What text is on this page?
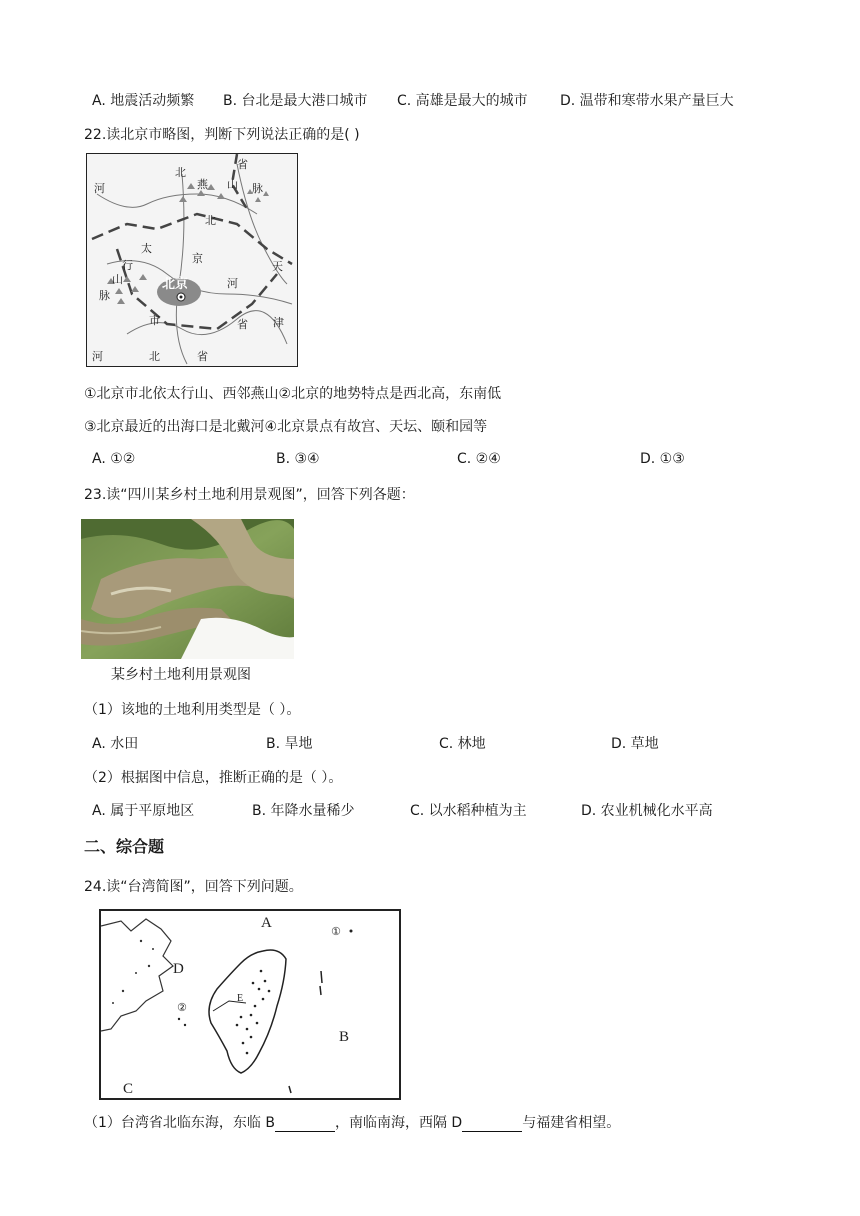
A. 地震活动频繁 B. 台北是最大港口城市 C. 高雄是最大的城市 D. 温带和寒带水果产量巨大
22.读北京市略图，判断下列说法正确的是( )
河
北
燕 山
省
脉
北
太
行
山
脉
京
天
津
河
市
河	北	省
省
北京
①北京市北依太行山、西邻燕山②北京的地势特点是西北高，东南低
③北京最近的出海口是北戴河④北京景点有故宫、天坛、颐和园等
A. ①②	B. ③④	C. ②④	D. ①③
23.读“四川某乡村土地利用景观图”，回答下列各题：
某乡村土地利用景观图
（1）该地的土地利用类型是（ ）。
A. 水田	B. 旱地	C. 林地	D. 草地
（2）根据图中信息，推断正确的是（ ）。
A. 属于平原地区	B. 年降水量稀少	C. 以水稻种植为主	D. 农业机械化水平高
二、综合题
24.读“台湾简图”，回答下列问题。
A
B
C
D
E
①
②
（1）台湾省北临东海，东临 B	，南临南海，西隔 D	与福建省相望。
